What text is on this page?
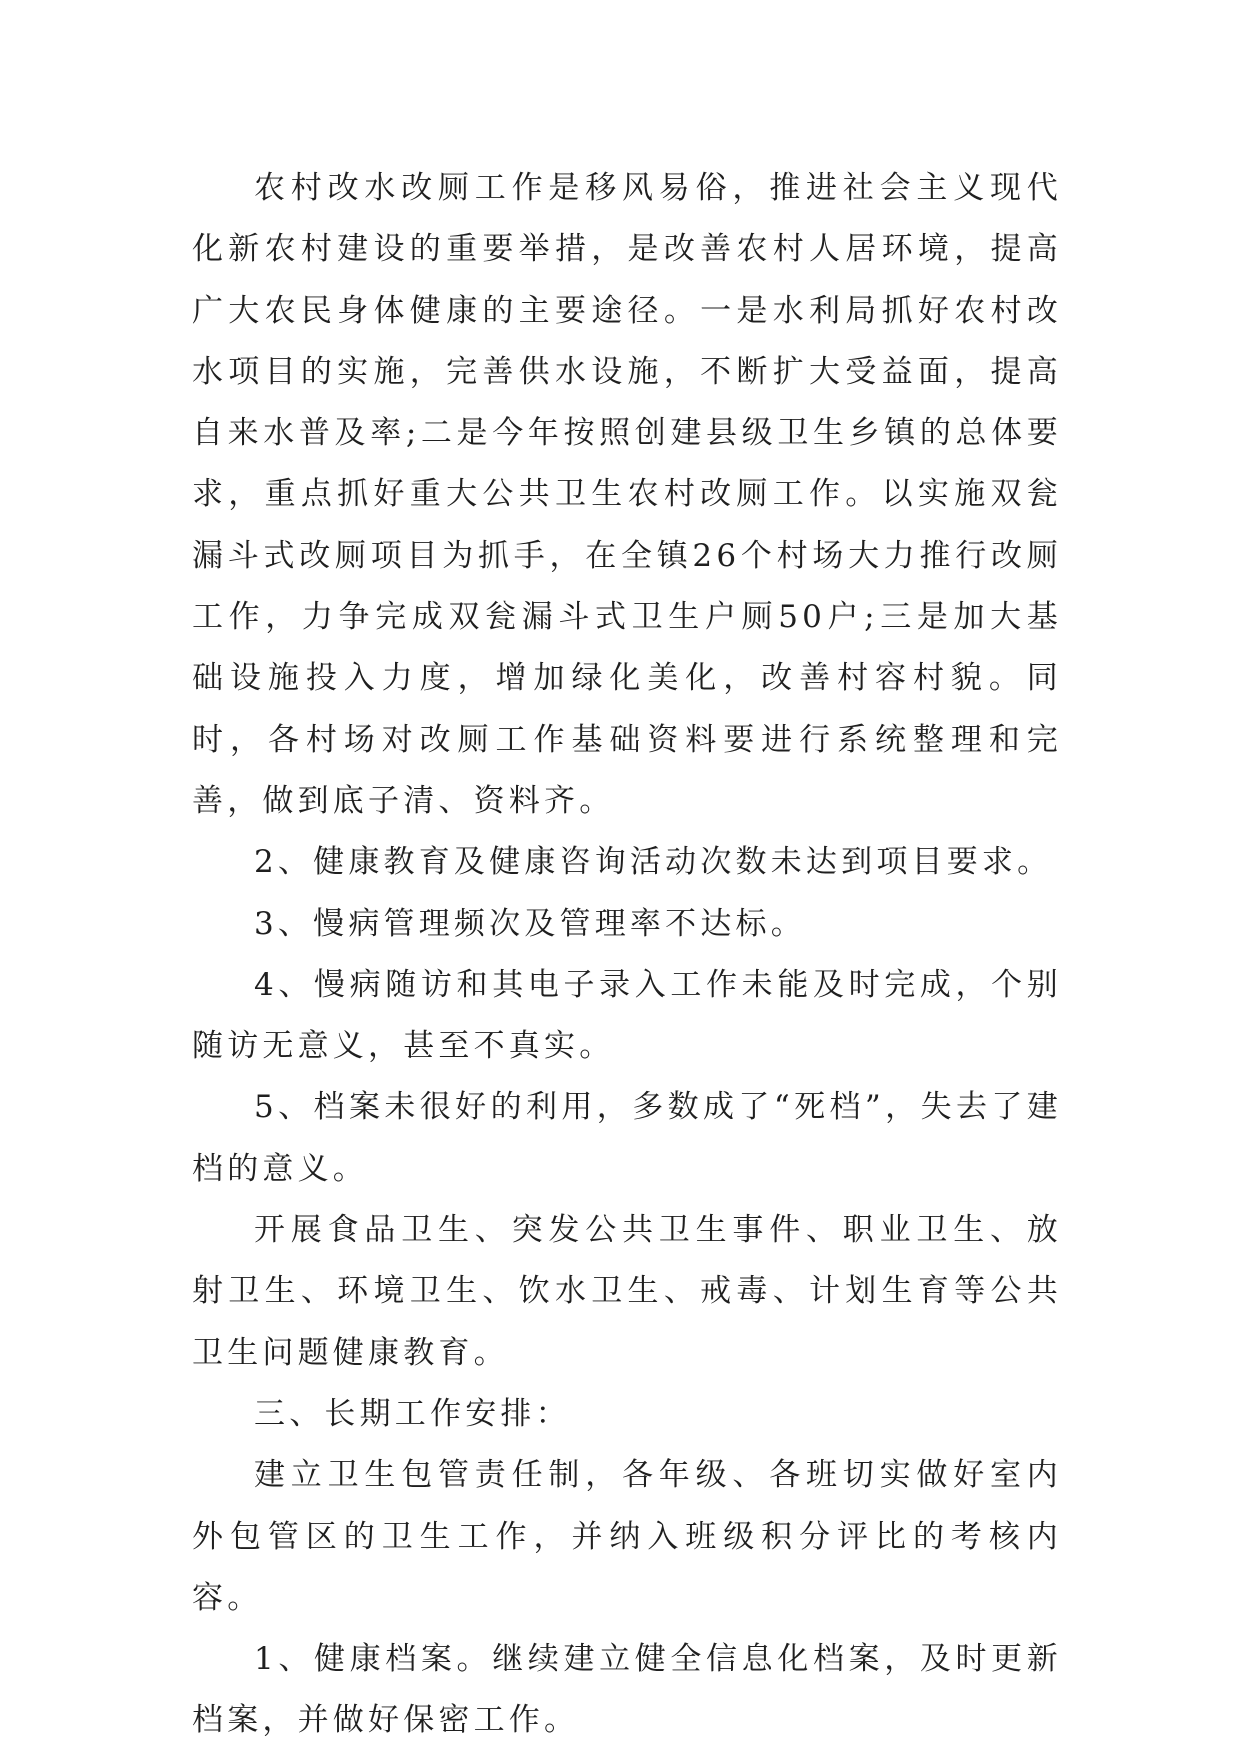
农村改水改厕工作是移风易俗，推进社会主义现代化新农村建设的重要举措，是改善农村人居环境，提高广大农民身体健康的主要途径。一是水利局抓好农村改水项目的实施，完善供水设施，不断扩大受益面，提高自来水普及率;二是今年按照创建县级卫生乡镇的总体要求，重点抓好重大公共卫生农村改厕工作。以实施双瓮漏斗式改厕项目为抓手，在全镇26个村场大力推行改厕工作，力争完成双瓮漏斗式卫生户厕50户;三是加大基础设施投入力度，增加绿化美化，改善村容村貌。同时，各村场对改厕工作基础资料要进行系统整理和完善，做到底子清、资料齐。

2、健康教育及健康咨询活动次数未达到项目要求。

3、慢病管理频次及管理率不达标。

4、慢病随访和其电子录入工作未能及时完成，个别随访无意义，甚至不真实。

5、档案未很好的利用，多数成了“死档”，失去了建档的意义。

开展食品卫生、突发公共卫生事件、职业卫生、放射卫生、环境卫生、饮水卫生、戒毒、计划生育等公共卫生问题健康教育。

三、长期工作安排：

建立卫生包管责任制，各年级、各班切实做好室内外包管区的卫生工作，并纳入班级积分评比的考核内容。

1、健康档案。继续建立健全信息化档案，及时更新档案，并做好保密工作。
